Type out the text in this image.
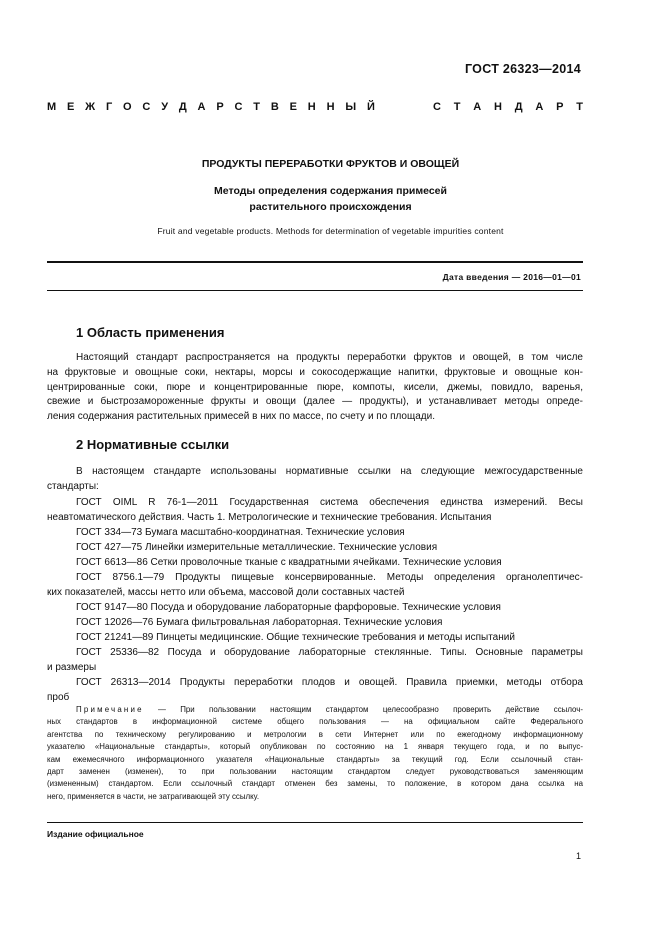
ГОСТ 26323—2014
М Е Ж Г О С У Д А Р С Т В Е Н Н Ы Й	С Т А Н Д А Р Т
ПРОДУКТЫ ПЕРЕРАБОТКИ ФРУКТОВ И ОВОЩЕЙ
Методы определения содержания примесей
растительного происхождения
Fruit and vegetable products. Methods for determination of vegetable impurities content
Дата введения — 2016—01—01
1 Область применения
Настоящий стандарт распространяется на продукты переработки фруктов и овощей, в том числе
на фруктовые и овощные соки, нектары, морсы и сокосодержащие напитки, фруктовые и овощные кон-
центрированные соки, пюре и концентрированные пюре, компоты, кисели, джемы, повидло, варенья,
свежие и быстрозамороженные фрукты и овощи (далее — продукты), и устанавливает методы опреде-
ления содержания растительных примесей в них по массе, по счету и по площади.
2 Нормативные ссылки
В настоящем стандарте использованы нормативные ссылки на следующие межгосударственные
стандарты:
ГОСТ OIML R 76-1—2011 Государственная система обеспечения единства измерений. Весы
неавтоматического действия. Часть 1. Метрологические и технические требования. Испытания
ГОСТ 334—73 Бумага масштабно-координатная. Технические условия
ГОСТ 427—75 Линейки измерительные металлические. Технические условия
ГОСТ 6613—86 Сетки проволочные тканые с квадратными ячейками. Технические условия
ГОСТ 8756.1—79 Продукты пищевые консервированные. Методы определения органолептичес-
ких показателей, массы нетто или объема, массовой доли составных частей
ГОСТ 9147—80 Посуда и оборудование лабораторные фарфоровые. Технические условия
ГОСТ 12026—76 Бумага фильтровальная лабораторная. Технические условия
ГОСТ 21241—89 Пинцеты медицинские. Общие технические требования и методы испытаний
ГОСТ 25336—82 Посуда и оборудование лабораторные стеклянные. Типы. Основные параметры
и размеры
ГОСТ 26313—2014 Продукты переработки плодов и овощей. Правила приемки, методы отбора
проб
Примечание — При пользовании настоящим стандартом целесообразно проверить действие ссылоч-
ных стандартов в информационной системе общего пользования — на официальном сайте Федерального
агентства по техническому регулированию и метрологии в сети Интернет или по ежегодному информационному
указателю «Национальные стандарты», который опубликован по состоянию на 1 января текущего года, и по выпус-
кам ежемесячного информационного указателя «Национальные стандарты» за текущий год. Если ссылочный стан-
дарт заменен (изменен), то при пользовании настоящим стандартом следует руководствоваться заменяющим
(измененным) стандартом. Если ссылочный стандарт отменен без замены, то положение, в котором дана ссылка на
него, применяется в части, не затрагивающей эту ссылку.
Издание официальное
1
